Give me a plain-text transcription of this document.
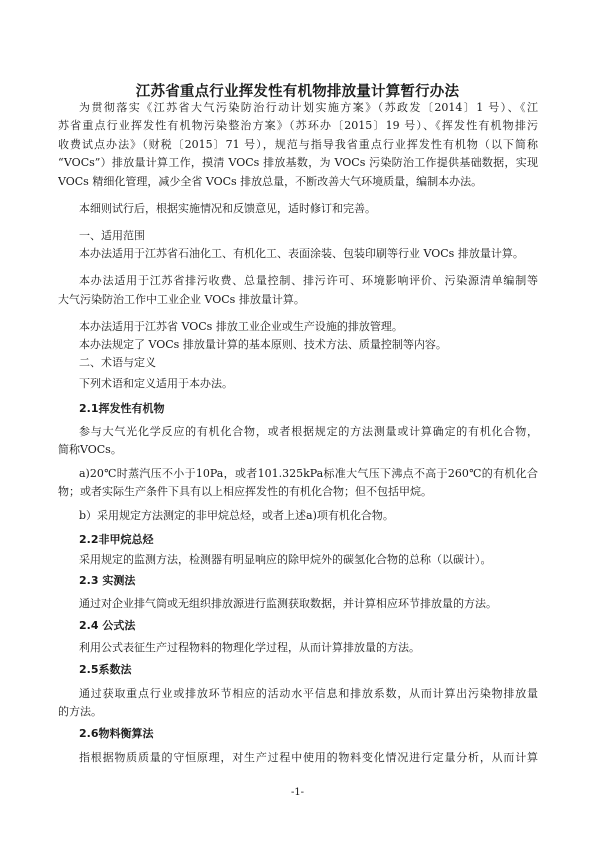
江苏省重点行业挥发性有机物排放量计算暂行办法
为贯彻落实《江苏省大气污染防治行动计划实施方案》（苏政发〔2014〕1 号）、《江
苏省重点行业挥发性有机物污染整治方案》（苏环办〔2015〕19 号）、《挥发性有机物排污
收费试点办法》（财税〔2015〕71 号），规范与指导我省重点行业挥发性有机物（以下简称
“VOCs”）排放量计算工作，摸清 VOCs 排放基数，为 VOCs 污染防治工作提供基础数据，实现
VOCs 精细化管理，减少全省 VOCs 排放总量，不断改善大气环境质量，编制本办法。
本细则试行后，根据实施情况和反馈意见，适时修订和完善。
一、适用范围
本办法适用于江苏省石油化工、有机化工、表面涂装、包装印刷等行业 VOCs 排放量计算。
本办法适用于江苏省排污收费、总量控制、排污许可、环境影响评价、污染源清单编制等
大气污染防治工作中工业企业 VOCs 排放量计算。
本办法适用于江苏省 VOCs 排放工业企业或生产设施的排放管理。
本办法规定了 VOCs 排放量计算的基本原则、技术方法、质量控制等内容。
二、术语与定义
下列术语和定义适用于本办法。
2.1挥发性有机物
参与大气光化学反应的有机化合物，或者根据规定的方法测量或计算确定的有机化合物，
简称VOCs。
a)20℃时蒸汽压不小于10Pa，或者101.325kPa标准大气压下沸点不高于260℃的有机化合
物；或者实际生产条件下具有以上相应挥发性的有机化合物；但不包括甲烷。
b）采用规定方法测定的非甲烷总烃，或者上述a)项有机化合物。
2.2非甲烷总烃
采用规定的监测方法，检测器有明显响应的除甲烷外的碳氢化合物的总称（以碳计）。
2.3 实测法
通过对企业排气筒或无组织排放源进行监测获取数据，并计算相应环节排放量的方法。
2.4 公式法
利用公式表征生产过程物料的物理化学过程，从而计算排放量的方法。
2.5系数法
通过获取重点行业或排放环节相应的活动水平信息和排放系数，从而计算出污染物排放量
的方法。
2.6物料衡算法
指根据物质质量的守恒原理，对生产过程中使用的物料变化情况进行定量分析，从而计算
-1-
